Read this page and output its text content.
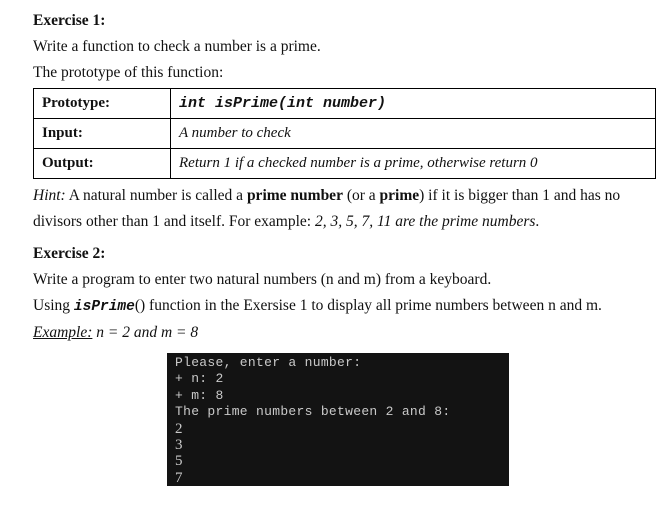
Exercise 1:

Write a function to check a number is a prime.

The prototype of this function:

Prototype:	int isPrime(int number)
Input:	A number to check
Output:	Return 1 if a checked number is a prime, otherwise return 0

Hint: A natural number is called a prime number (or a prime) if it is bigger than 1 and has no divisors other than 1 and itself. For example: 2, 3, 5, 7, 11 are the prime numbers.

Exercise 2:

Write a program to enter two natural numbers (n and m) from a keyboard.

Using isPrime() function in the Exersise 1 to display all prime numbers between n and m.

Example: n = 2 and m = 8

Please, enter a number:
+ n: 2
+ m: 8
The prime numbers between 2 and 8:
2
3
5
7
